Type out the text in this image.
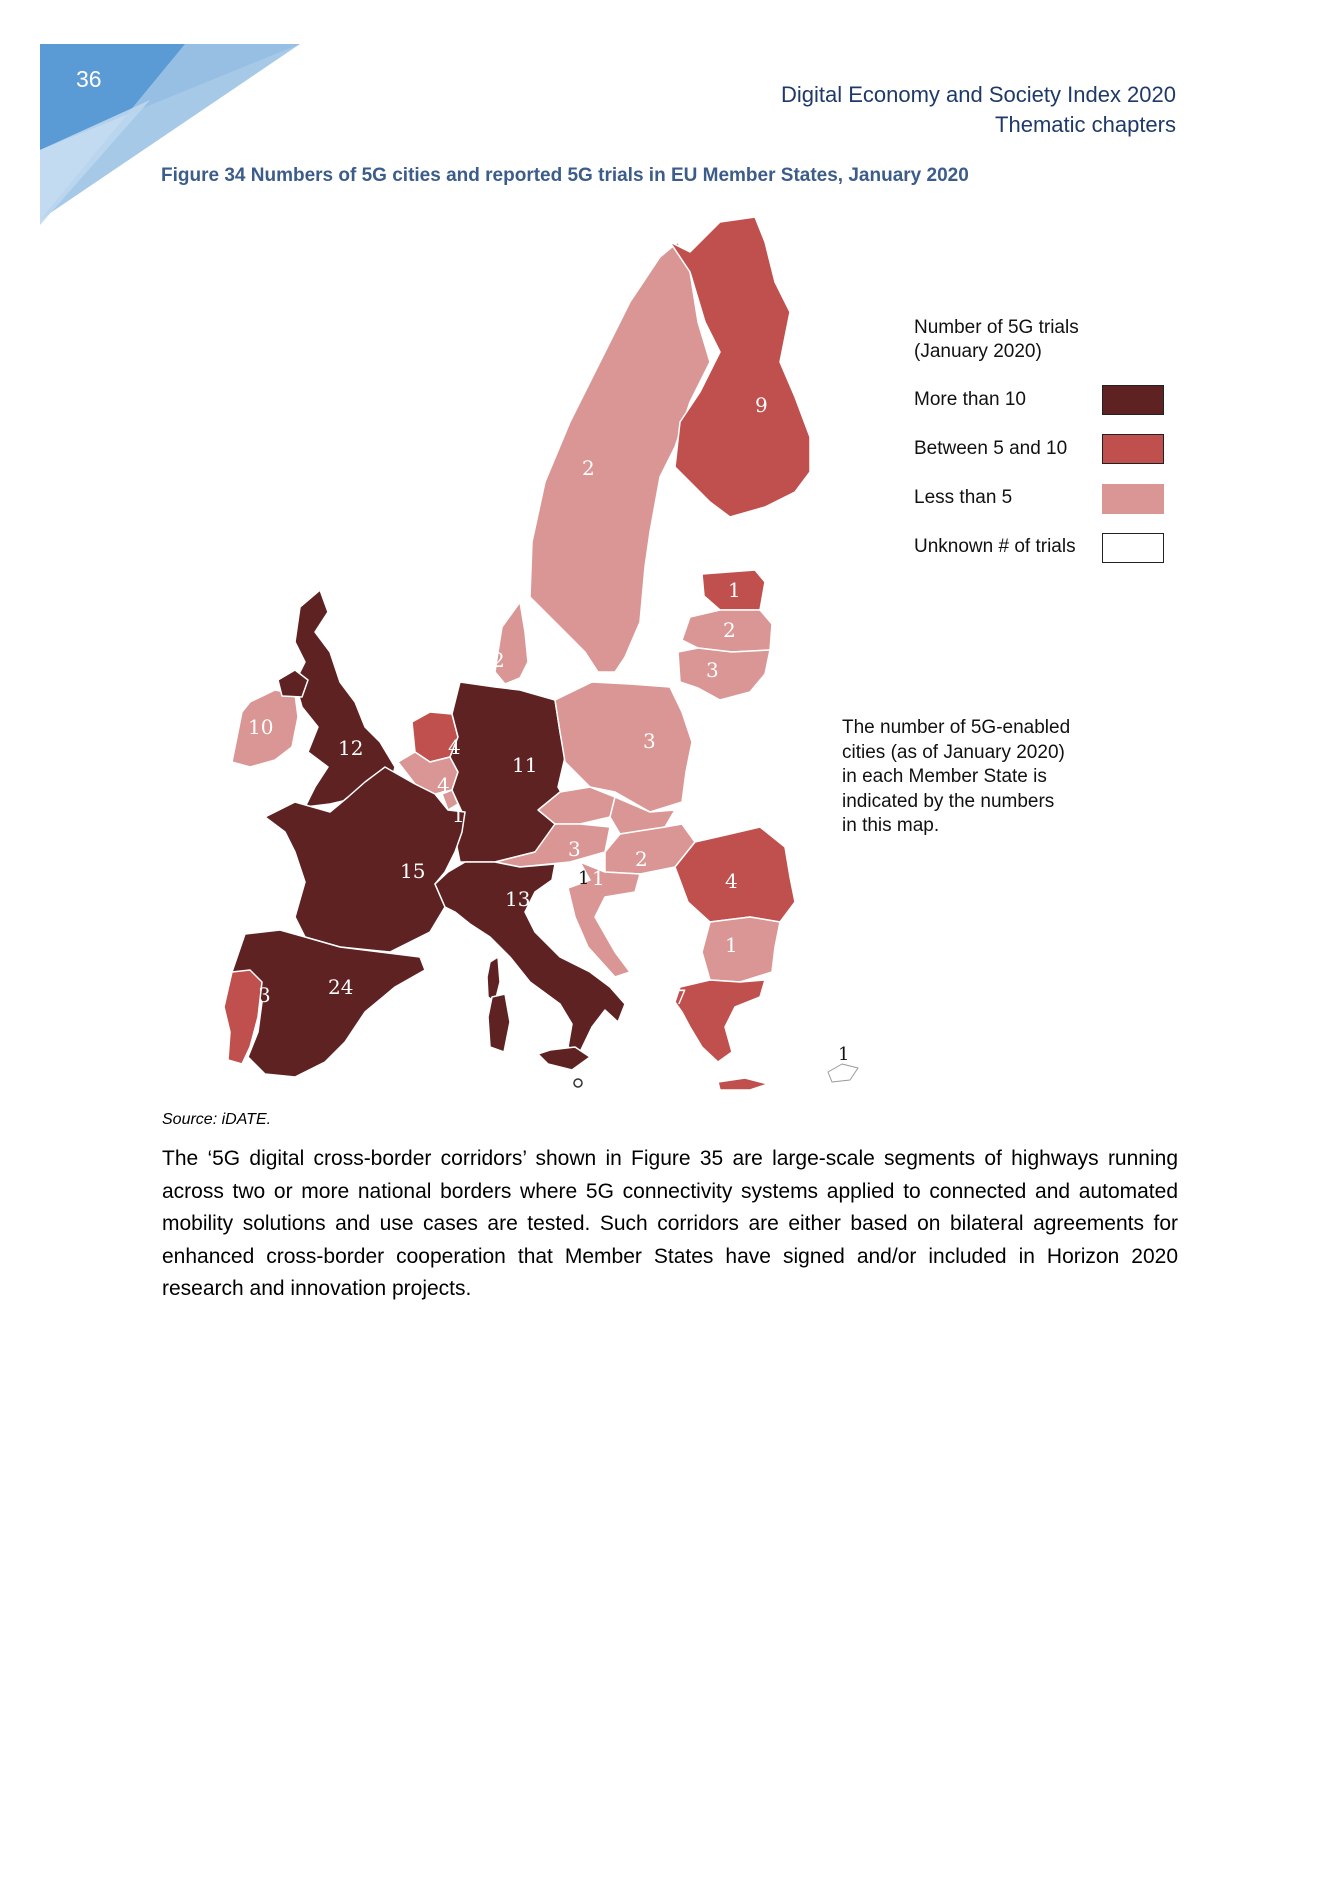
36
Digital Economy and Society Index 2020
Thematic chapters
Figure 34 Numbers of 5G cities and reported 5G trials in EU Member States, January 2020
9
2
1
2
3
2
10
12	4
4
1
11
3
3
1 1
2
4
1
15
13
24
3	7
1
Number of 5G trials
(January 2020)
More than 10
Between 5 and 10
Less than 5
Unknown # of trials
The number of 5G-enabled
cities (as of January 2020)
in each Member State is
indicated by the numbers
in this map.
Source: iDATE.
The ‘5G digital cross-border corridors’ shown in Figure 35 are large-scale segments of highways running across two or more national borders where 5G connectivity systems applied to connected and automated mobility solutions and use cases are tested. Such corridors are either based on bilateral agreements for enhanced cross-border cooperation that Member States have signed and/or included in Horizon 2020 research and innovation projects.
